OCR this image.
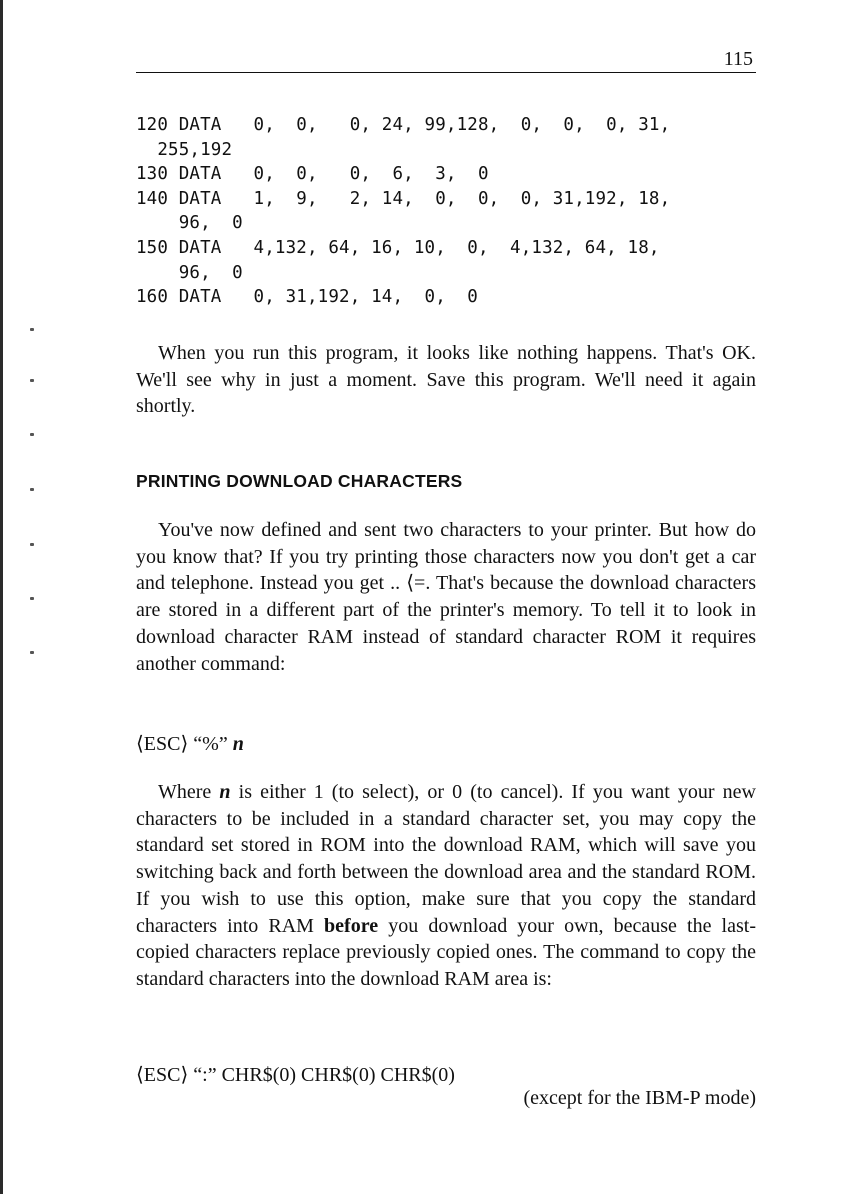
115
120 DATA   0,  0,   0, 24, 99,128,  0,  0,  0, 31,
255,192
130 DATA   0,  0,   0,  6,  3,  0
140 DATA   1,  9,   2, 14,  0,  0,  0, 31,192, 18,
96,  0
150 DATA   4,132, 64, 16, 10,  0,  4,132, 64, 18,
96,  0
160 DATA   0, 31,192, 14,  0,  0

When you run this program, it looks like nothing happens. That's OK. We'll see why in just a moment. Save this program. We'll need it again shortly.

PRINTING DOWNLOAD CHARACTERS

You've now defined and sent two characters to your printer. But how do you know that? If you try printing those characters now you don't get a car and telephone. Instead you get .. ⟨=. That's because the download characters are stored in a different part of the printer's memory. To tell it to look in download character RAM instead of standard character ROM it requires another command:

⟨ESC⟩ “%” n

Where n is either 1 (to select), or 0 (to cancel). If you want your new characters to be included in a standard character set, you may copy the standard set stored in ROM into the download RAM, which will save you switching back and forth between the download area and the standard ROM. If you wish to use this option, make sure that you copy the standard characters into RAM before you download your own, because the last-copied characters replace previously copied ones. The command to copy the standard characters into the download RAM area is:

⟨ESC⟩ “:” CHR$(0) CHR$(0) CHR$(0)

(except for the IBM-P mode)
